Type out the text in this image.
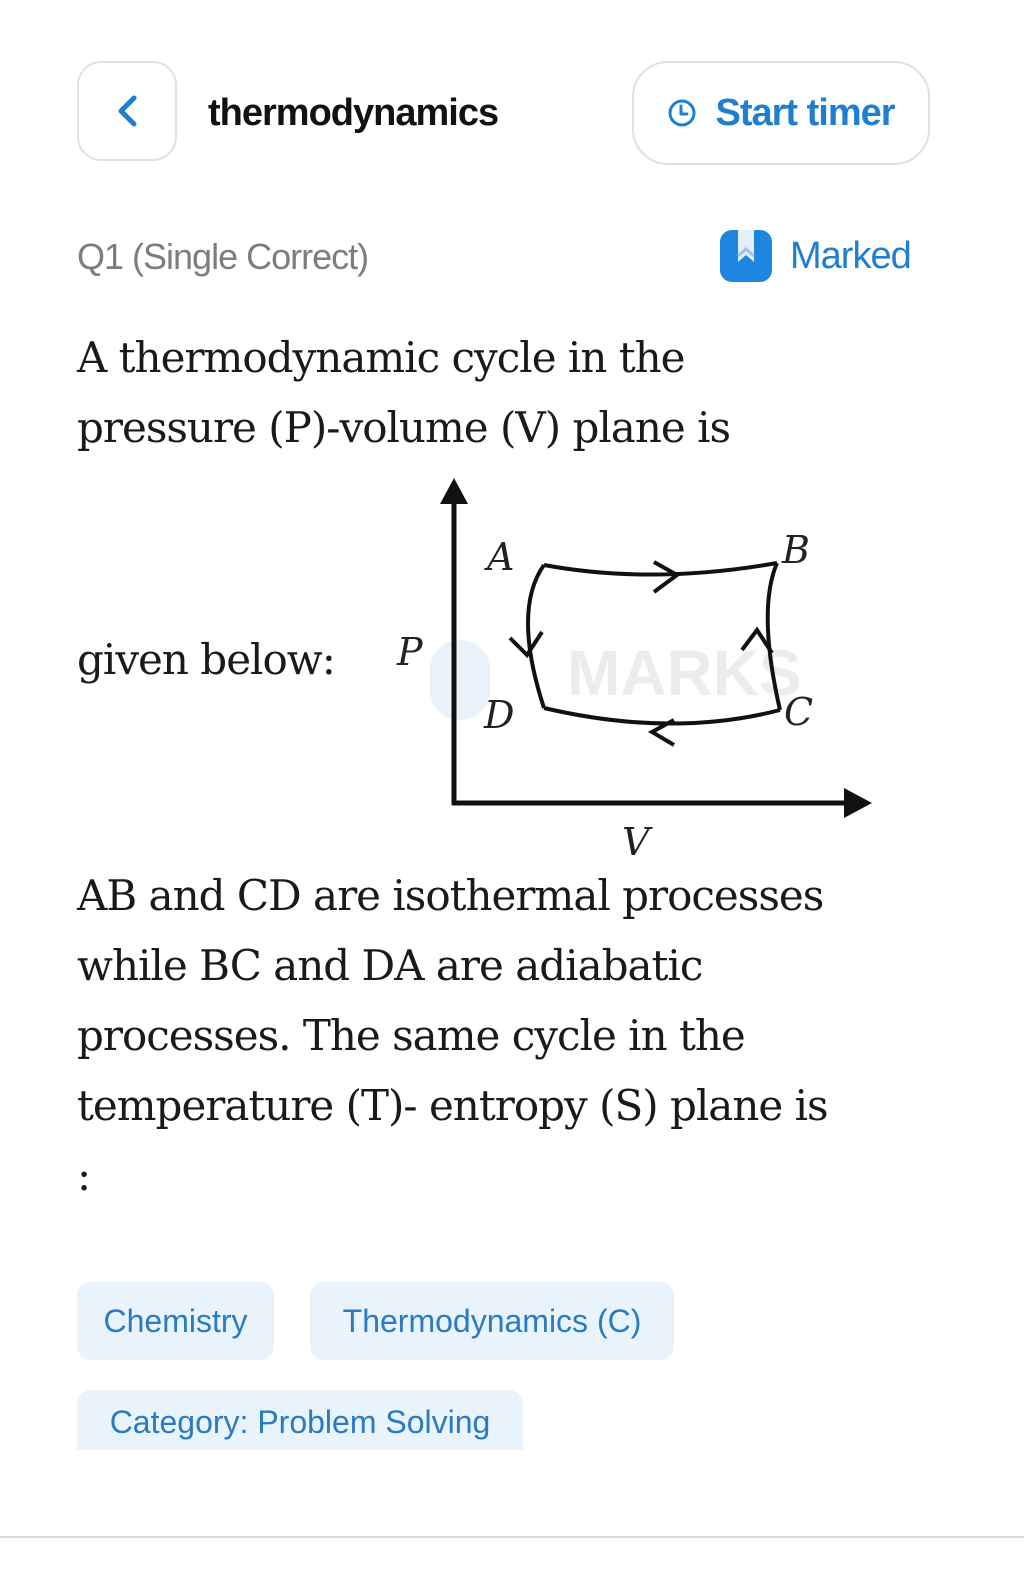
thermodynamics	Start timer
Q1 (Single Correct)	Marked
A thermodynamic cycle in the
pressure (P)-volume (V) plane is
given below:	MARKS
A	B
C
D
P
V
AB and CD are isothermal processes
while BC and DA are adiabatic
processes. The same cycle in the
temperature (T)- entropy (S) plane is
:
Chemistry	Thermodynamics (C)
Category: Problem Solving
